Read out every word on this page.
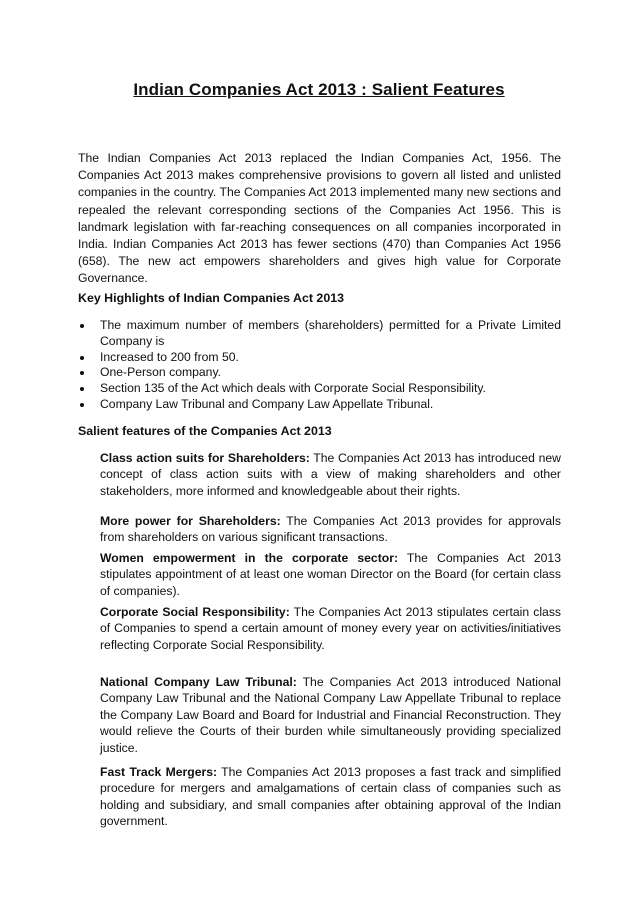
Indian Companies Act 2013 : Salient Features

The Indian Companies Act 2013 replaced the Indian Companies Act, 1956. The Companies Act 2013 makes comprehensive provisions to govern all listed and unlisted companies in the country. The Companies Act 2013 implemented many new sections and repealed the relevant corresponding sections of the Companies Act 1956. This is landmark legislation with far-reaching consequences on all companies incorporated in India. Indian Companies Act 2013 has fewer sections (470) than Companies Act 1956 (658). The new act empowers shareholders and gives high value for Corporate Governance.

Key Highlights of Indian Companies Act 2013

The maximum number of members (shareholders) permitted for a Private Limited Company is
Increased to 200 from 50.
One-Person company.
Section 135 of the Act which deals with Corporate Social Responsibility.
Company Law Tribunal and Company Law Appellate Tribunal.

Salient features of the Companies Act 2013

Class action suits for Shareholders: The Companies Act 2013 has introduced new concept of class action suits with a view of making shareholders and other stakeholders, more informed and knowledgeable about their rights.

More power for Shareholders: The Companies Act 2013 provides for approvals from shareholders on various significant transactions.

Women empowerment in the corporate sector: The Companies Act 2013 stipulates appointment of at least one woman Director on the Board (for certain class of companies).

Corporate Social Responsibility: The Companies Act 2013 stipulates certain class of Companies to spend a certain amount of money every year on activities/initiatives reflecting Corporate Social Responsibility.

National Company Law Tribunal: The Companies Act 2013 introduced National Company Law Tribunal and the National Company Law Appellate Tribunal to replace the Company Law Board and Board for Industrial and Financial Reconstruction. They would relieve the Courts of their burden while simultaneously providing specialized justice.

Fast Track Mergers: The Companies Act 2013 proposes a fast track and simplified procedure for mergers and amalgamations of certain class of companies such as holding and subsidiary, and small companies after obtaining approval of the Indian government.
